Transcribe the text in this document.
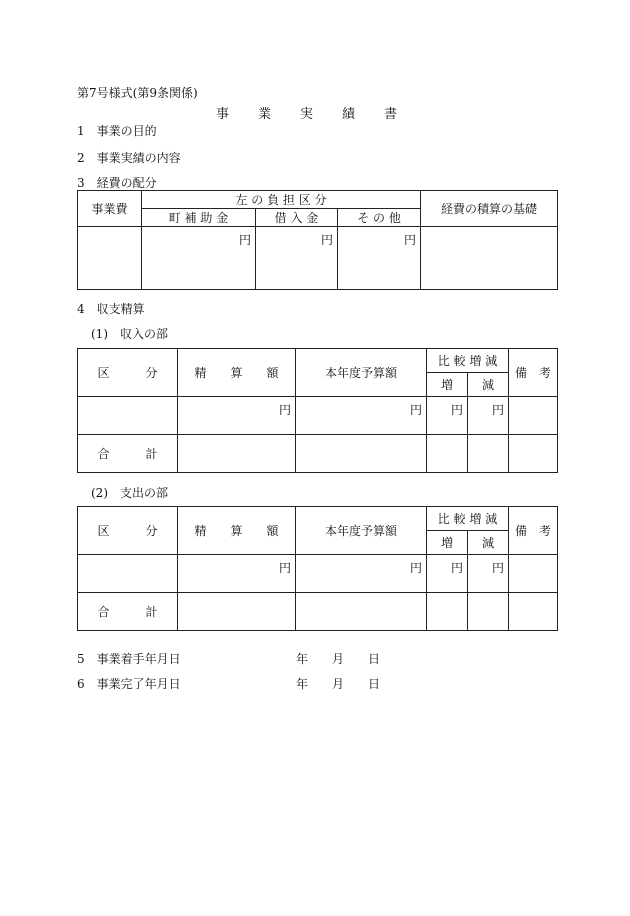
第7号様式(第9条関係)
事　業　実　績　書
1　事業の目的
2　事業実績の内容
3　経費の配分
事業費	左 の 負 担 区 分			経費の積算の基礎
	町 補 助 金	借 入 金	そ の 他	
	円	円	円	
4　収支精算
(1)　収入の部
区　　　分	精　　算　　額	本年度予算額	比 較 増 減		備　考
			増	減	
	円	円	円	円	
合　　　計					
(2)　支出の部
区　　　分	精　　算　　額	本年度予算額	比 較 増 減		備　考
			増	減	
	円	円	円	円	
合　　　計					
5　事業着手年月日	年 月 日
6　事業完了年月日	年 月 日
